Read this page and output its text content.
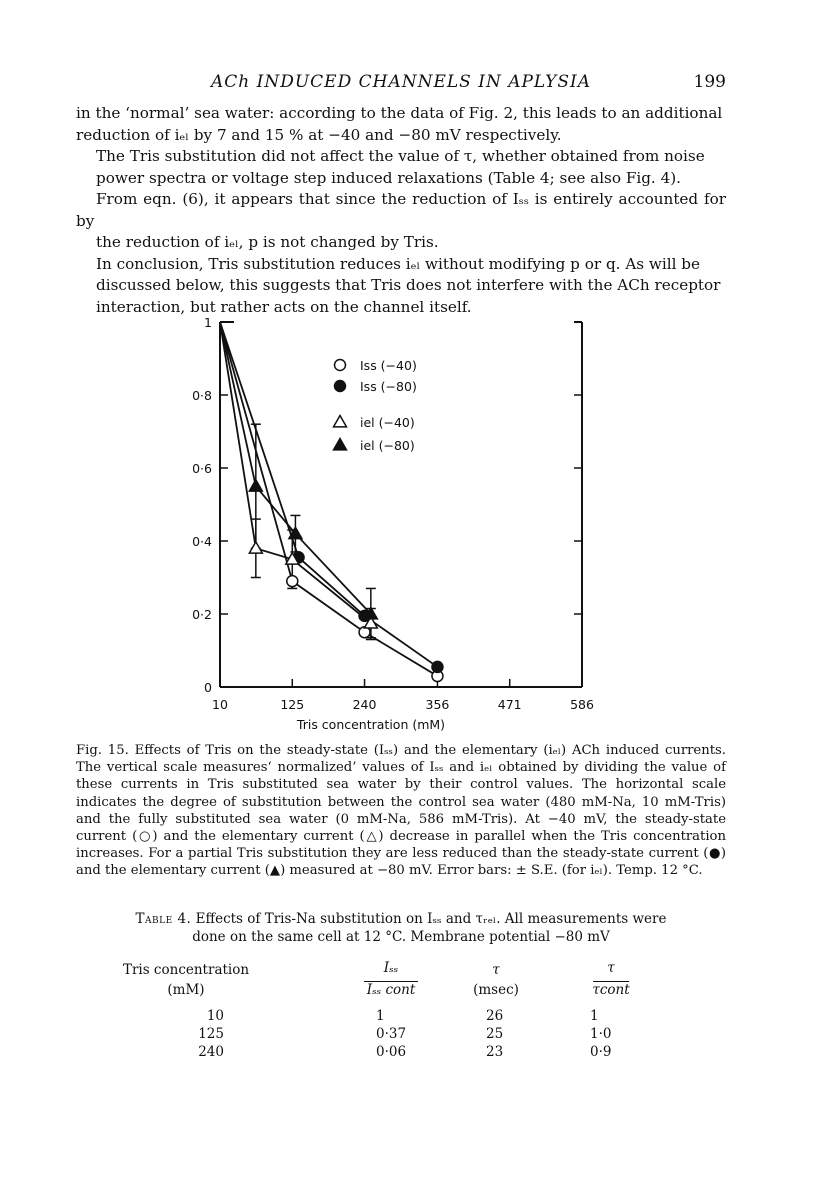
ACh INDUCED CHANNELS IN APLYSIA	199

in the ‘normal’ sea water: according to the data of Fig. 2, this leads to an additional
reduction of iₑₗ by 7 and 15 % at −40 and −80 mV respectively.

The Tris substitution did not affect the value of τ, whether obtained from noise
power spectra or voltage step induced relaxations (Table 4; see also Fig. 4).

From eqn. (6), it appears that since the reduction of Iₛₛ is entirely accounted for by
the reduction of iₑₗ, p is not changed by Tris.

In conclusion, Tris substitution reduces iₑₗ without modifying p or q. As will be
discussed below, this suggests that Tris does not interfere with the ACh receptor
interaction, but rather acts on the channel itself.

0
0·2
0·4
0·6
0·8
1
10	125	240	356	471	586
Tris concentration (mM)
Iss (−40)
Iss (−80)
iel (−40)
iel (−80)
Fig. 15. Effects of Tris on the steady-state (Iₛₛ) and the elementary (iₑₗ) ACh induced currents. The vertical scale measures‘ normalized’ values of Iₛₛ and iₑₗ obtained by dividing the value of these currents in Tris substituted sea water by their control values. The horizontal scale indicates the degree of substitution between the control sea water (480 mM-Na, 10 mM-Tris) and the fully substituted sea water (0 mM-Na, 586 mM-Tris). At −40 mV, the steady-state current (○) and the elementary current (△) decrease in parallel when the Tris concentration increases. For a partial Tris substitution they are less reduced than the steady-state current (●) and the elementary current (▲) measured at −80 mV. Error bars: ± S.E. (for iₑₗ). Temp. 12 °C.
Table 4. Effects of Tris-Na substitution on Iₛₛ and τᵣₑₗ. All measurements were
done on the same cell at 12 °C. Membrane potential −80 mV
Tris concentration
(mM)
Iₛₛ
Iₛₛ cont
τ
(msec)
τ
τcont
10	1	26	1
125	0·37	25	1·0
240	0·06	23	0·9
